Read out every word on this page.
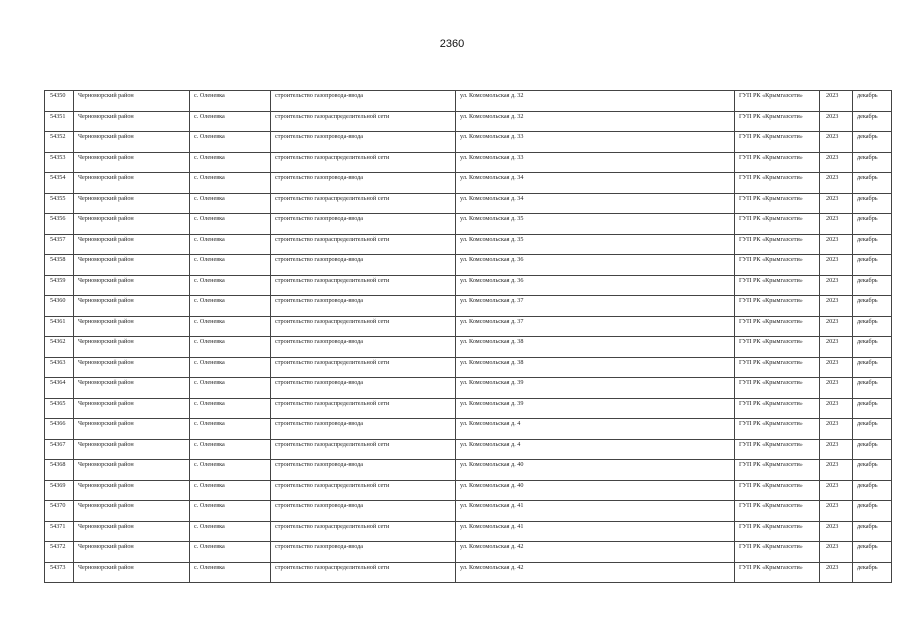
2360
54350	Черноморский район	с. Оленевка	строительство газопровода-ввода	ул. Комсомольская д. 32	ГУП РК «Крымгазсети»	2023	декабрь
54351	Черноморский район	с. Оленевка	строительство газораспределительной сети	ул. Комсомольская д. 32	ГУП РК «Крымгазсети»	2023	декабрь
54352	Черноморский район	с. Оленевка	строительство газопровода-ввода	ул. Комсомольская д. 33	ГУП РК «Крымгазсети»	2023	декабрь
54353	Черноморский район	с. Оленевка	строительство газораспределительной сети	ул. Комсомольская д. 33	ГУП РК «Крымгазсети»	2023	декабрь
54354	Черноморский район	с. Оленевка	строительство газопровода-ввода	ул. Комсомольская д. 34	ГУП РК «Крымгазсети»	2023	декабрь
54355	Черноморский район	с. Оленевка	строительство газораспределительной сети	ул. Комсомольская д. 34	ГУП РК «Крымгазсети»	2023	декабрь
54356	Черноморский район	с. Оленевка	строительство газопровода-ввода	ул. Комсомольская д. 35	ГУП РК «Крымгазсети»	2023	декабрь
54357	Черноморский район	с. Оленевка	строительство газораспределительной сети	ул. Комсомольская д. 35	ГУП РК «Крымгазсети»	2023	декабрь
54358	Черноморский район	с. Оленевка	строительство газопровода-ввода	ул. Комсомольская д. 36	ГУП РК «Крымгазсети»	2023	декабрь
54359	Черноморский район	с. Оленевка	строительство газораспределительной сети	ул. Комсомольская д. 36	ГУП РК «Крымгазсети»	2023	декабрь
54360	Черноморский район	с. Оленевка	строительство газопровода-ввода	ул. Комсомольская д. 37	ГУП РК «Крымгазсети»	2023	декабрь
54361	Черноморский район	с. Оленевка	строительство газораспределительной сети	ул. Комсомольская д. 37	ГУП РК «Крымгазсети»	2023	декабрь
54362	Черноморский район	с. Оленевка	строительство газопровода-ввода	ул. Комсомольская д. 38	ГУП РК «Крымгазсети»	2023	декабрь
54363	Черноморский район	с. Оленевка	строительство газораспределительной сети	ул. Комсомольская д. 38	ГУП РК «Крымгазсети»	2023	декабрь
54364	Черноморский район	с. Оленевка	строительство газопровода-ввода	ул. Комсомольская д. 39	ГУП РК «Крымгазсети»	2023	декабрь
54365	Черноморский район	с. Оленевка	строительство газораспределительной сети	ул. Комсомольская д. 39	ГУП РК «Крымгазсети»	2023	декабрь
54366	Черноморский район	с. Оленевка	строительство газопровода-ввода	ул. Комсомольская д. 4	ГУП РК «Крымгазсети»	2023	декабрь
54367	Черноморский район	с. Оленевка	строительство газораспределительной сети	ул. Комсомольская д. 4	ГУП РК «Крымгазсети»	2023	декабрь
54368	Черноморский район	с. Оленевка	строительство газопровода-ввода	ул. Комсомольская д. 40	ГУП РК «Крымгазсети»	2023	декабрь
54369	Черноморский район	с. Оленевка	строительство газораспределительной сети	ул. Комсомольская д. 40	ГУП РК «Крымгазсети»	2023	декабрь
54370	Черноморский район	с. Оленевка	строительство газопровода-ввода	ул. Комсомольская д. 41	ГУП РК «Крымгазсети»	2023	декабрь
54371	Черноморский район	с. Оленевка	строительство газораспределительной сети	ул. Комсомольская д. 41	ГУП РК «Крымгазсети»	2023	декабрь
54372	Черноморский район	с. Оленевка	строительство газопровода-ввода	ул. Комсомольская д. 42	ГУП РК «Крымгазсети»	2023	декабрь
54373	Черноморский район	с. Оленевка	строительство газораспределительной сети	ул. Комсомольская д. 42	ГУП РК «Крымгазсети»	2023	декабрь
